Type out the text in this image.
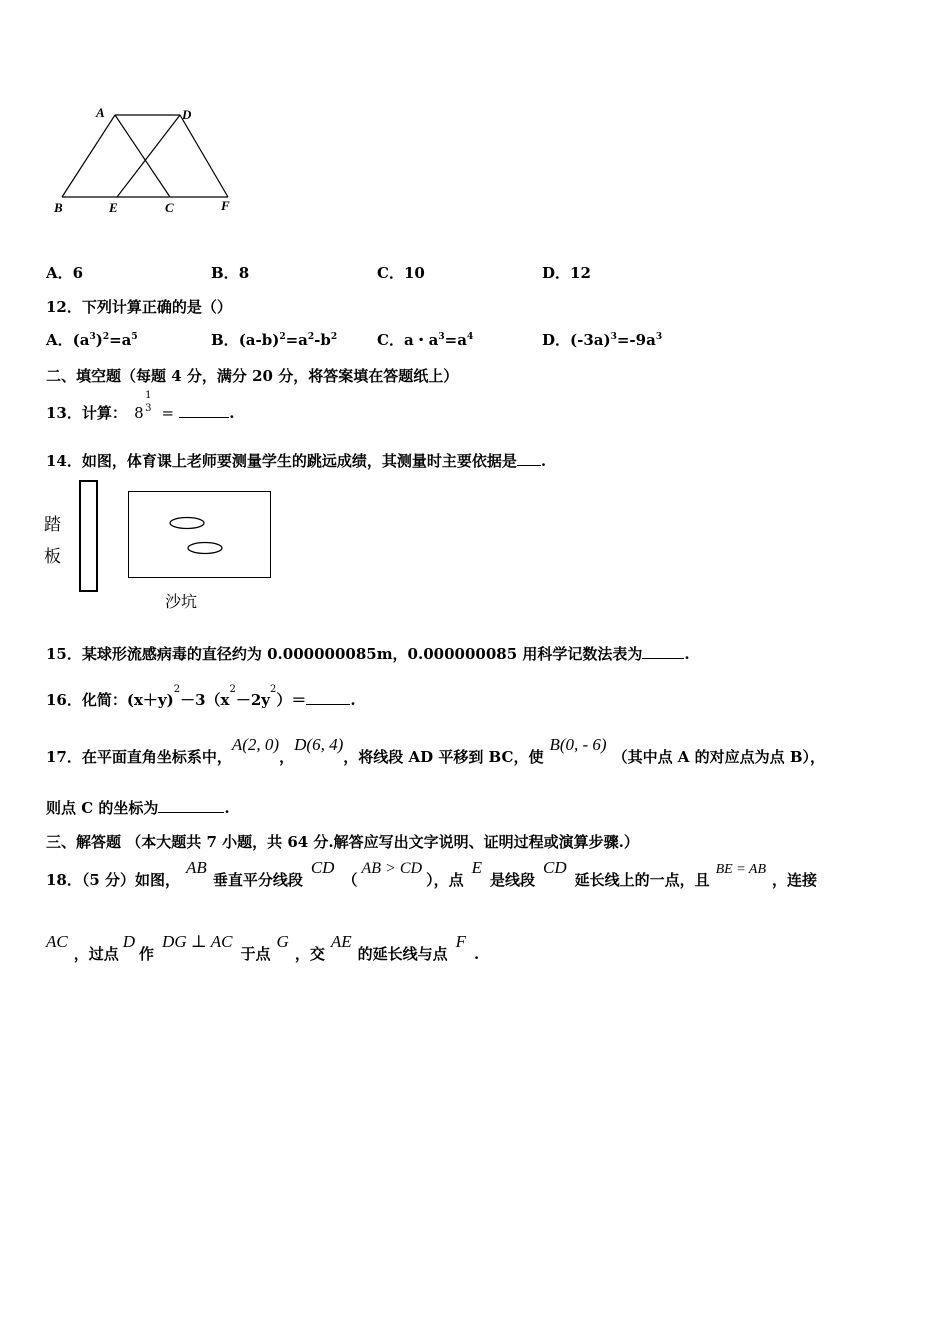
A	D
B	E	C	F
A．6	B．8	C．10	D．12
12．下列计算正确的是（）
A．$(a^3)^2=a^5$	B．$(a-b)^2=a^2-b^2$	C．a・$a^3=a^4$	D．$(-3a)^3=-9a^3$
二、填空题（每题 4 分，满分 20 分，将答案填在答题纸上）
13．计算： 8
1
3 =	.
14．如图，体育课上老师要测量学生的跳远成绩，其测量时主要依据是 .
踏
板
沙坑
15．某球形流感病毒的直径约为 0.000000085m，0.000000085 用科学记数法表为	.
16．化简：$(x+y)^2-3(x^2-2y^2)=$	.
17．在平面直角坐标系中，A(2, 0)，D(6, 4)，将线段 AD 平移到 BC，使B(0, - 6)（其中点 A 的对应点为点 B），
则点 C 的坐标为	.
三、解答题 （本大题共 7 小题，共 64 分.解答应写出文字说明、证明过程或演算步骤.）
18．（5 分）如图，AB垂直平分线段CD（AB > CD），点E是线段CD延长线上的一点，且BE = AB，连接
AC，过点D作DG ⊥ AC于点G，交AE的延长线与点F.
